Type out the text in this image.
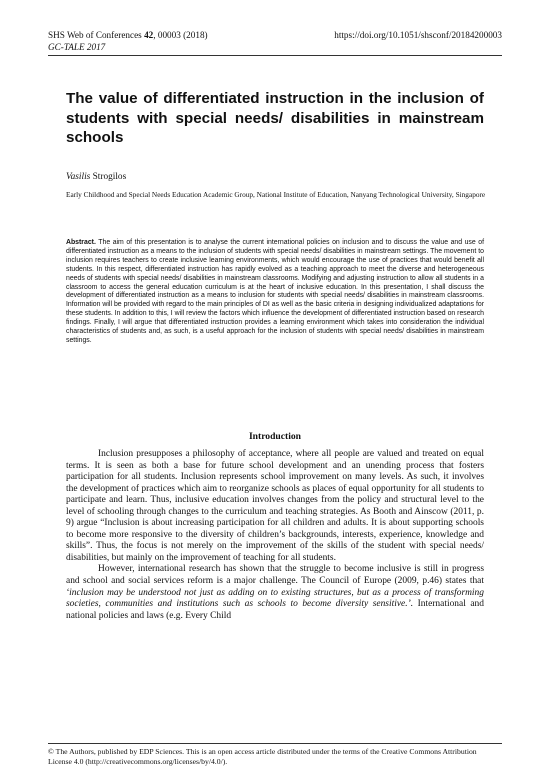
SHS Web of Conferences 42, 00003 (2018)	https://doi.org/10.1051/shsconf/20184200003
GC-TALE 2017
The value of differentiated instruction in the inclusion of students with special needs/ disabilities in mainstream schools
Vasilis Strogilos
Early Childhood and Special Needs Education Academic Group, National Institute of Education, Nanyang Technological University, Singapore
Abstract. The aim of this presentation is to analyse the current international policies on inclusion and to discuss the value and use of differentiated instruction as a means to the inclusion of students with special needs/ disabilities in mainstream settings. The movement to inclusion requires teachers to create inclusive learning environments, which would encourage the use of practices that would benefit all students. In this respect, differentiated instruction has rapidly evolved as a teaching approach to meet the diverse and heterogeneous needs of students with special needs/ disabilities in mainstream classrooms. Modifying and adjusting instruction to allow all students in a classroom to access the general education curriculum is at the heart of inclusive education. In this presentation, I shall discuss the development of differentiated instruction as a means to inclusion for students with special needs/ disabilities in mainstream classrooms. Information will be provided with regard to the main principles of DI as well as the basic criteria in designing individualized adaptations for these students. In addition to this, I will review the factors which influence the development of differentiated instruction based on research findings. Finally, I will argue that differentiated instruction provides a learning environment which takes into consideration the individual characteristics of students and, as such, is a useful approach for the inclusion of students with special needs/ disabilities in mainstream settings.
Introduction

Inclusion presupposes a philosophy of acceptance, where all people are valued and treated on equal terms. It is seen as both a base for future school development and an unending process that fosters participation for all students. Inclusion represents school improvement on many levels. As such, it involves the development of practices which aim to reorganize schools as places of equal opportunity for all students to participate and learn. Thus, inclusive education involves changes from the policy and structural level to the level of schooling through changes to the curriculum and teaching strategies. As Booth and Ainscow (2011, p. 9) argue “Inclusion is about increasing participation for all children and adults. It is about supporting schools to become more responsive to the diversity of children’s backgrounds, interests, experience, knowledge and skills”. Thus, the focus is not merely on the improvement of the skills of the student with special needs/ disabilities, but mainly on the improvement of teaching for all students.

However, international research has shown that the struggle to become inclusive is still in progress and school and social services reform is a major challenge. The Council of Europe (2009, p.46) states that ‘inclusion may be understood not just as adding on to existing structures, but as a process of transforming societies, communities and institutions such as schools to become diversity sensitive.’. International and national policies and laws (e.g. Every Child

© The Authors, published by EDP Sciences. This is an open access article distributed under the terms of the Creative Commons Attribution License 4.0 (http://creativecommons.org/licenses/by/4.0/).
